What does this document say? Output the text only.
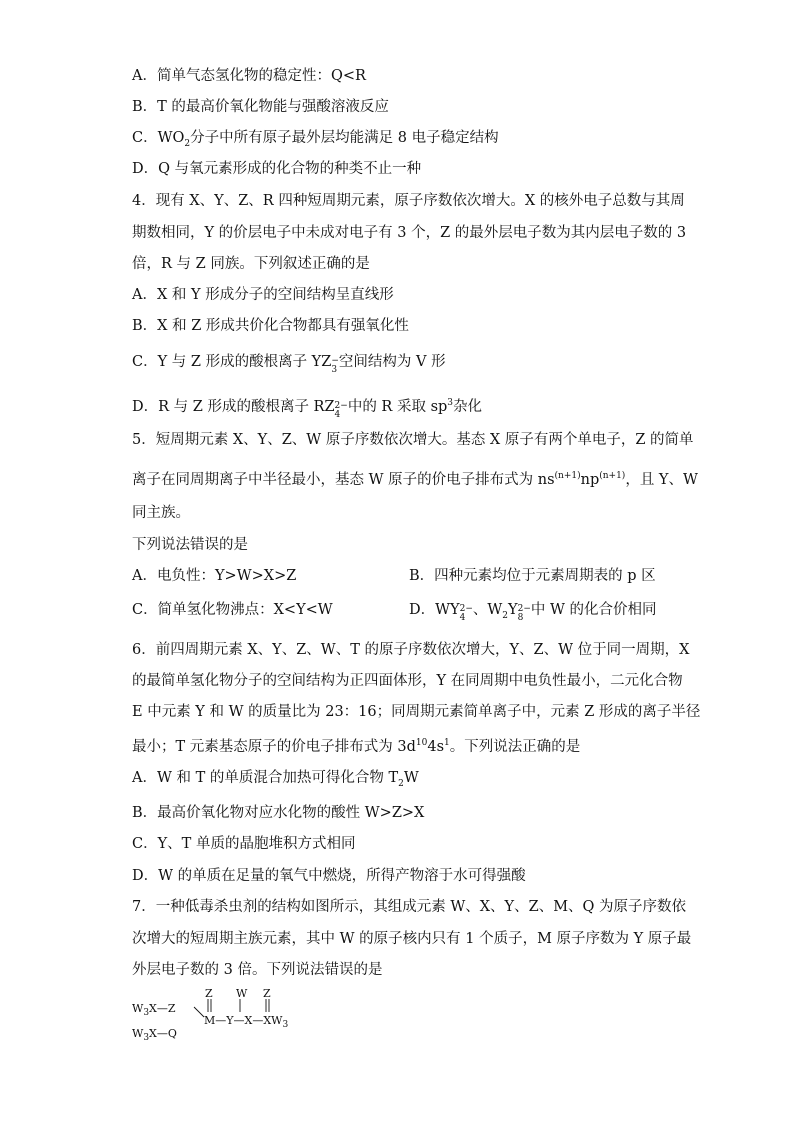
A．简单气态氢化物的稳定性：Q<R
B．T 的最高价氧化物能与强酸溶液反应
C．$WO_2$分子中所有原子最外层均能满足 8 电子稳定结构
D．Q 与氧元素形成的化合物的种类不止一种
4．现有 X、Y、Z、R 四种短周期元素，原子序数依次增大。X 的核外电子总数与其周
期数相同，Y 的价层电子中未成对电子有 3 个，Z 的最外层电子数为其内层电子数的 3
倍，R 与 Z 同族。下列叙述正确的是
A．X 和 Y 形成分子的空间结构呈直线形
B．X 和 Z 形成共价化合物都具有强氧化性
C．Y 与 Z 形成的酸根离子 YZ−
3 空间结构为 V 形
D．R 与 Z 形成的酸根离子 RZ2−
4 中的 R 采取 $sp^3$杂化
5．短周期元素 X、Y、Z、W 原子序数依次增大。基态 X 原子有两个单电子，Z 的简单
离子在同周期离子中半径最小，基态 W 原子的价电子排布式为 $ns^{(n+1)}np^{(n+1)}$，且 Y、W
同主族。
下列说法错误的是
A．电负性：Y>W>X>Z	B．四种元素均位于元素周期表的 p 区
C．简单氢化物沸点：X<Y<W	D．WY2−
4 、$W_2Y2-$
8 中 W 的化合价相同
6．前四周期元素 X、Y、Z、W、T 的原子序数依次增大，Y、Z、W 位于同一周期，X
的最简单氢化物分子的空间结构为正四面体形，Y 在同周期中电负性最小，二元化合物
E 中元素 Y 和 W 的质量比为 23：16；同周期元素简单离子中，元素 Z 形成的离子半径
最小；T 元素基态原子的价电子排布式为 $3d^{10}4s^1$。下列说法正确的是
A．W 和 T 的单质混合加热可得化合物 $T_2W$
B．最高价氧化物对应水化物的酸性 W>Z>X
C．Y、T 单质的晶胞堆积方式相同
D．W 的单质在足量的氧气中燃烧，所得产物溶于水可得强酸
7．一种低毒杀虫剂的结构如图所示，其组成元素 W、X、Y、Z、M、Q 为原子序数依
次增大的短周期主族元素，其中 W 的原子核内只有 1 个质子，M 原子序数为 Y 原子最
外层电子数的 3 倍。下列说法错误的是
Z W Z
$W_3X—Z$
$M—Y—X—XW_3$
$W_3X—Q$
